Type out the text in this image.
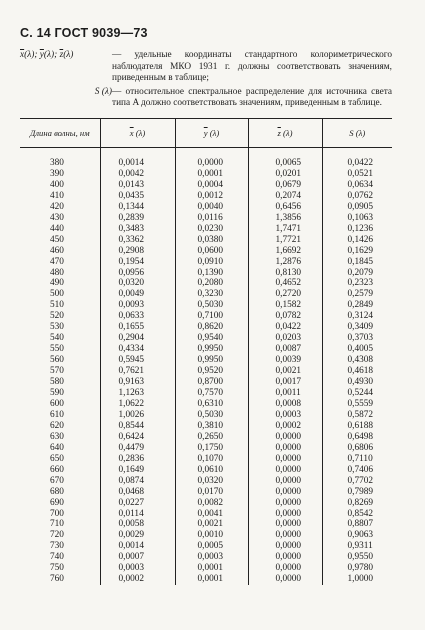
С. 14 ГОСТ 9039—73
$\overline{x}(\lambda)$; $\overline{y}(\lambda)$; $\overline{z}(\lambda)$	— удельные координаты стандартного колориметрического наблюдателя МКО 1931 г. должны соответствовать значениям, приведенным в таблице;
S (λ) — относительное спектральное распределение для источника света типа A должно соответствовать значениям, приведенным в таблице.
Длина волны, нм	$\overline{x}$ (λ)	$\overline{y}$ (λ)	$\overline{z}$ (λ)	S (λ)
380	0,0014	0,0000	0,0065	0,0422
390	0,0042	0,0001	0,0201	0,0521
400	0,0143	0,0004	0,0679	0,0634
410	0,0435	0,0012	0,2074	0,0762
420	0,1344	0,0040	0,6456	0,0905
430	0,2839	0,0116	1,3856	0,1063
440	0,3483	0,0230	1,7471	0,1236
450	0,3362	0,0380	1,7721	0,1426
460	0,2908	0,0600	1,6692	0,1629
470	0,1954	0,0910	1,2876	0,1845
480	0,0956	0,1390	0,8130	0,2079
490	0,0320	0,2080	0,4652	0,2323
500	0,0049	0,3230	0,2720	0,2579
510	0,0093	0,5030	0,1582	0,2849
520	0,0633	0,7100	0,0782	0,3124
530	0,1655	0,8620	0,0422	0,3409
540	0,2904	0,9540	0,0203	0,3703
550	0,4334	0,9950	0,0087	0,4005
560	0,5945	0,9950	0,0039	0,4308
570	0,7621	0,9520	0,0021	0,4618
580	0,9163	0,8700	0,0017	0,4930
590	1,1263	0,7570	0,0011	0,5244
600	1,0622	0,6310	0,0008	0,5559
610	1,0026	0,5030	0,0003	0,5872
620	0,8544	0,3810	0,0002	0,6188
630	0,6424	0,2650	0,0000	0,6498
640	0,4479	0,1750	0,0000	0,6806
650	0,2836	0,1070	0,0000	0,7110
660	0,1649	0,0610	0,0000	0,7406
670	0,0874	0,0320	0,0000	0,7702
680	0,0468	0,0170	0,0000	0,7989
690	0,0227	0,0082	0,0000	0,8269
700	0,0114	0,0041	0,0000	0,8542
710	0,0058	0,0021	0,0000	0,8807
720	0,0029	0,0010	0,0000	0,9063
730	0,0014	0,0005	0,0000	0,9311
740	0,0007	0,0003	0,0000	0,9550
750	0,0003	0,0001	0,0000	0,9780
760	0,0002	0,0001	0,0000	1,0000
